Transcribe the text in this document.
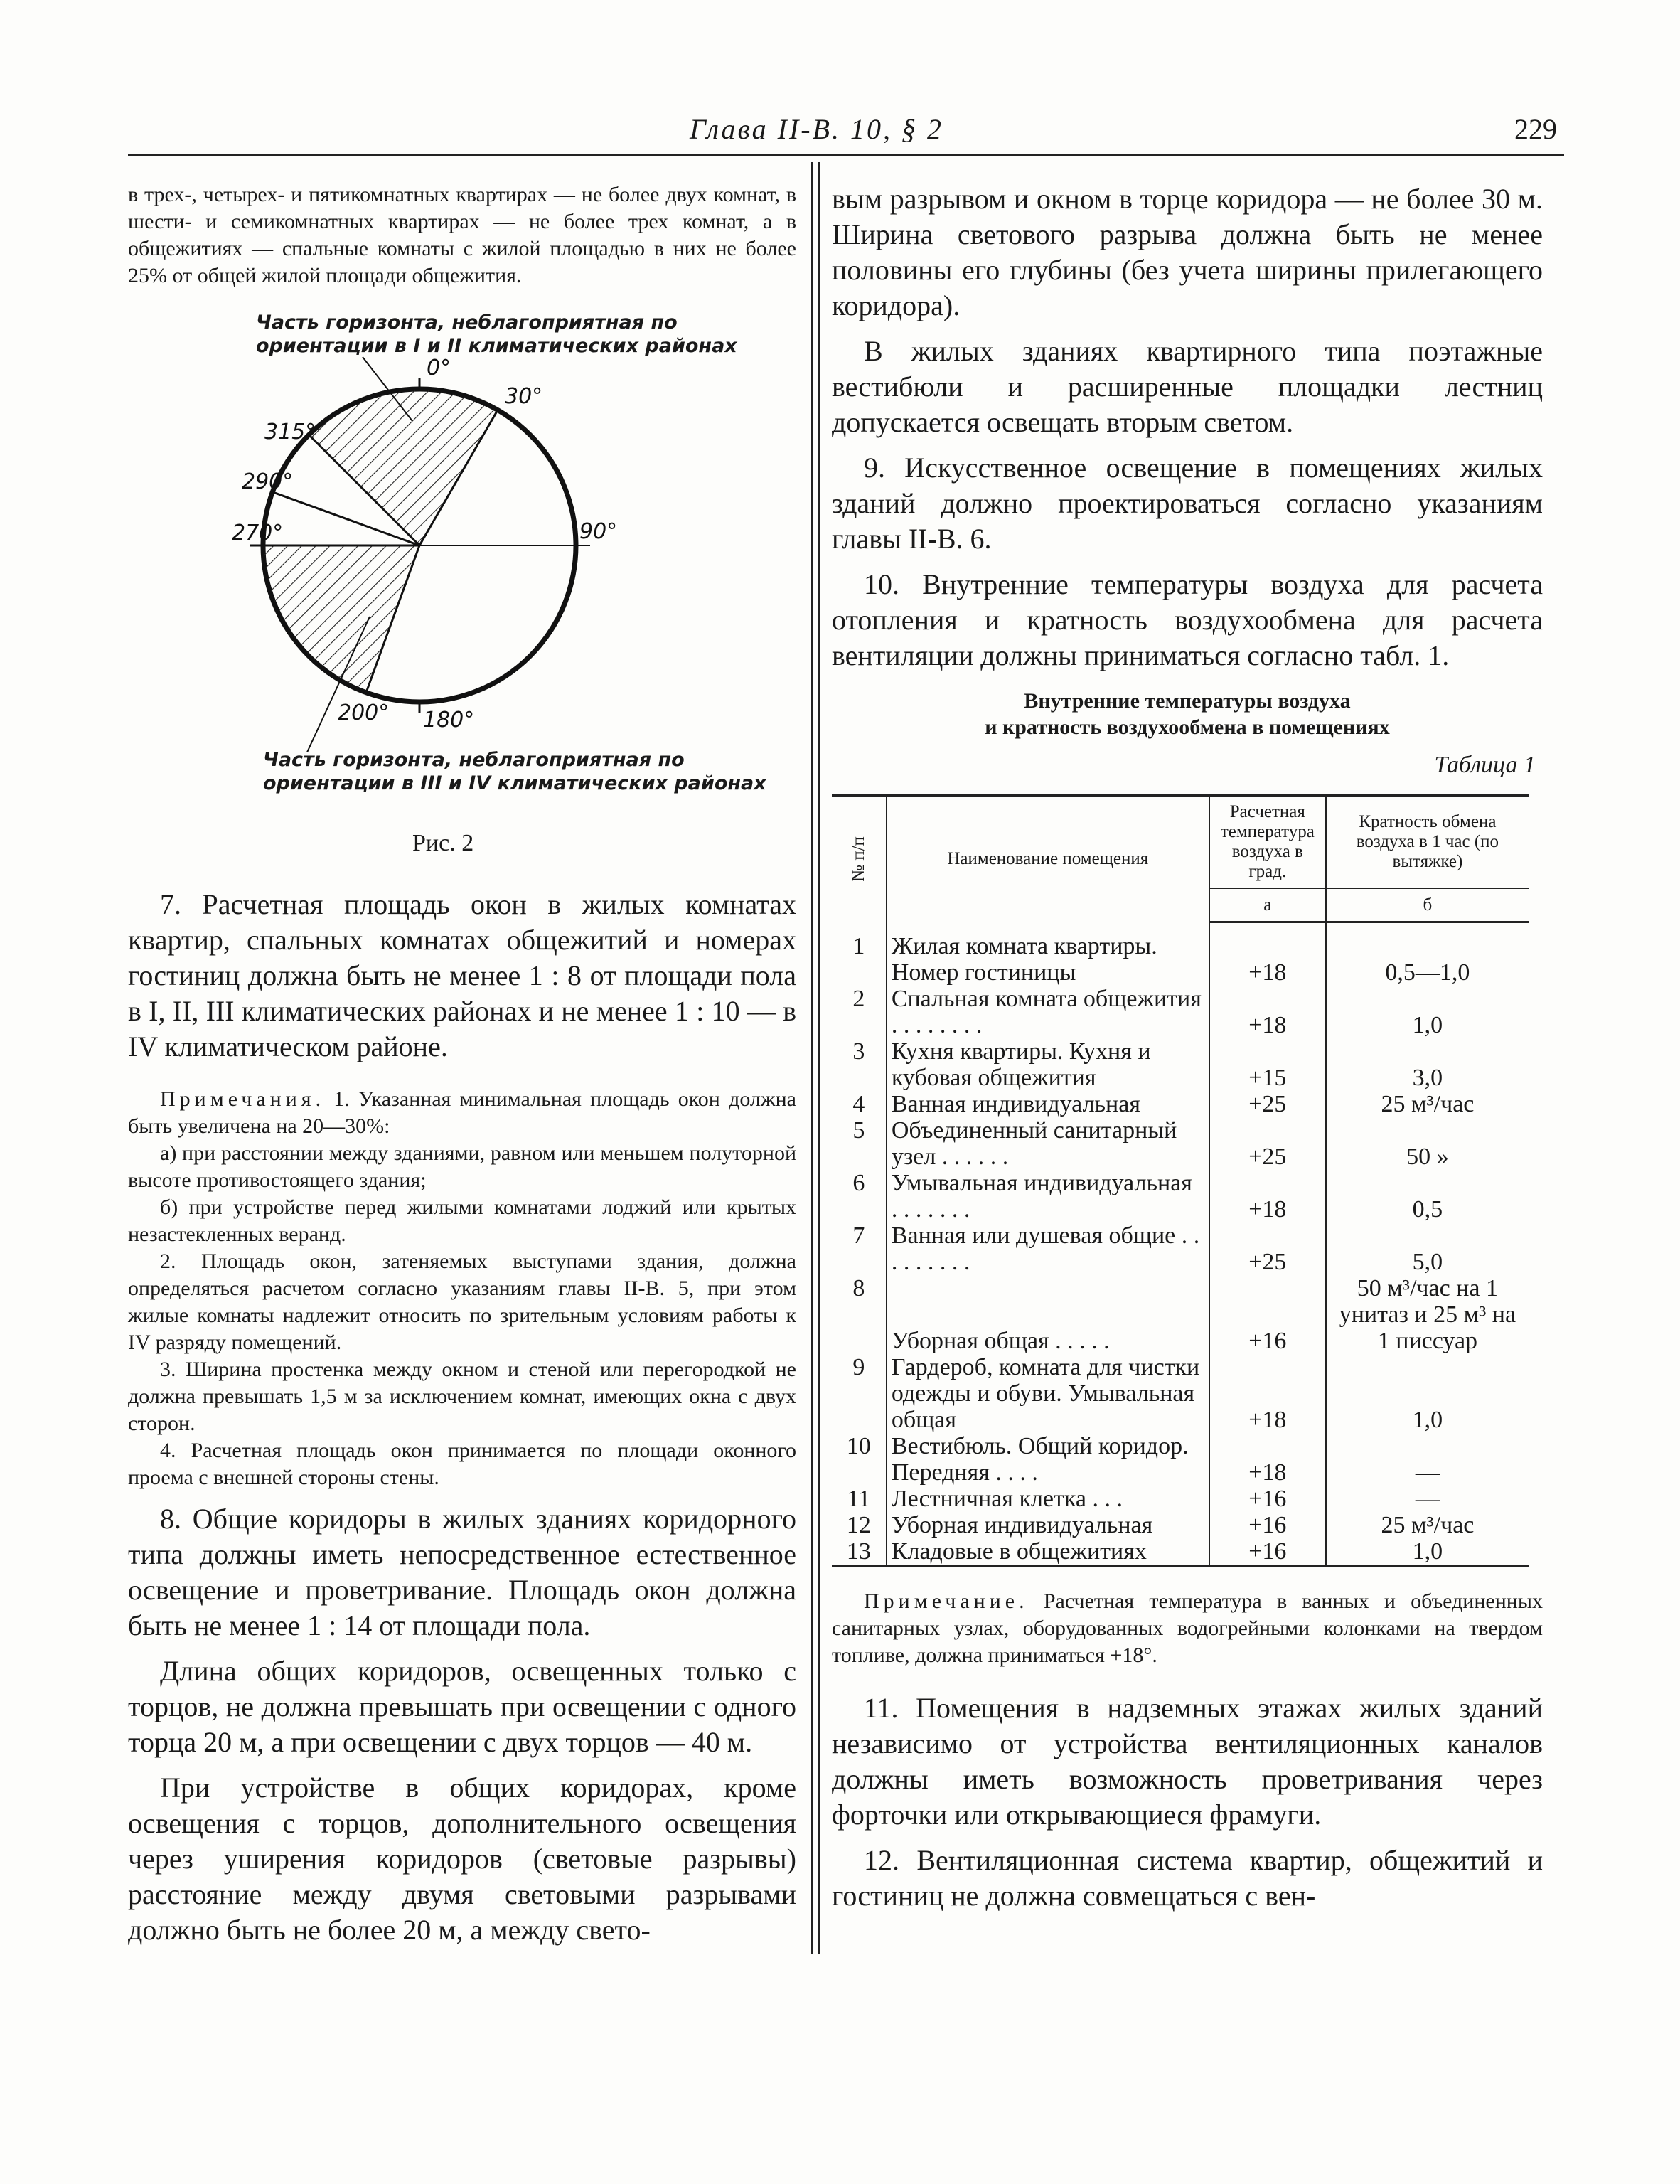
Глава II-В. 10, § 2	229

в трех-, четырех- и пятикомнатных квартирах — не более двух комнат, в шести- и семикомнатных квартирах — не более трех комнат, а в общежитиях — спальные комнаты с жилой площадью в них не более 25% от общей жилой площади общежития.

Часть горизонта, неблагоприятная по ориентации в I и II климатических районах
0°
30°
315°
290°
270°	90°
200° 180°
Часть горизонта, неблагоприятная по ориентации в III и IV климатических районах
Рис. 2

7. Расчетная площадь окон в жилых комнатах квартир, спальных комнатах общежитий и номерах гостиниц должна быть не менее 1 : 8 от площади пола в I, II, III климатических районах и не менее 1 : 10 — в IV климатическом районе.

Примечания. 1. Указанная минимальная площадь окон должна быть увеличена на 20—30%:

а) при расстоянии между зданиями, равном или меньшем полуторной высоте противостоящего здания;

б) при устройстве перед жилыми комнатами лоджий или крытых незастекленных веранд.

2. Площадь окон, затеняемых выступами здания, должна определяться расчетом согласно указаниям главы II-В. 5, при этом жилые комнаты надлежит относить по зрительным условиям работы к IV разряду помещений.

3. Ширина простенка между окном и стеной или перегородкой не должна превышать 1,5 м за исключением комнат, имеющих окна с двух сторон.

4. Расчетная площадь окон принимается по площади оконного проема с внешней стороны стены.

8. Общие коридоры в жилых зданиях коридорного типа должны иметь непосредственное естественное освещение и проветривание. Площадь окон должна быть не менее 1 : 14 от площади пола.

Длина общих коридоров, освещенных только с торцов, не должна превышать при освещении с одного торца 20 м, а при освещении с двух торцов — 40 м.

При устройстве в общих коридорах, кроме освещения с торцов, дополнительного освещения через уширения коридоров (световые разрывы) расстояние между двумя световыми разрывами должно быть не более 20 м, а между свето-

вым разрывом и окном в торце коридора — не более 30 м. Ширина светового разрыва должна быть не менее половины его глубины (без учета ширины прилегающего коридора).

В жилых зданиях квартирного типа поэтажные вестибюли и расширенные площадки лестниц допускается освещать вторым светом.

9. Искусственное освещение в помещениях жилых зданий должно проектироваться согласно указаниям главы II-В. 6.

10. Внутренние температуры воздуха для расчета отопления и кратность воздухообмена для расчета вентиляции должны приниматься согласно табл. 1.

Внутренние температуры воздуха
и кратность воздухообмена в помещениях
Таблица 1
№ п/п	Наименование помещения	Расчетная температура воздуха в град.	Кратность обмена воздуха в 1 час (по вытяжке)
		а	б

1	Жилая комната квартиры. Номер гостиницы	+18	0,5—1,0
2	Спальная комната общежития . . . . . . . .	+18	1,0
3	Кухня квартиры. Кухня и кубовая общежития	+15	3,0
4	Ванная индивидуальная	+25	25 м³/час
5	Объединенный санитарный узел . . . . . .	+25	50 »
6	Умывальная индивидуальная . . . . . . .	+18	0,5
7	Ванная или душевая общие . . . . . . . . .	+25	5,0
8	Уборная общая . . . . .	+16	50 м³/час на 1 унитаз и 25 м³ на 1 писсуар
9	Гардероб, комната для чистки одежды и обуви. Умывальная общая	+18	1,0
10	Вестибюль. Общий коридор. Передняя . . . .	+18	—
11	Лестничная клетка . . .	+16	—
12	Уборная индивидуальная	+16	25 м³/час
13	Кладовые в общежитиях	+16	1,0

Примечание. Расчетная температура в ванных и объединенных санитарных узлах, оборудованных водогрейными колонками на твердом топливе, должна приниматься +18°.

11. Помещения в надземных этажах жилых зданий независимо от устройства вентиляционных каналов должны иметь возможность проветривания через форточки или открывающиеся фрамуги.

12. Вентиляционная система квартир, общежитий и гостиниц не должна совмещаться с вен-
